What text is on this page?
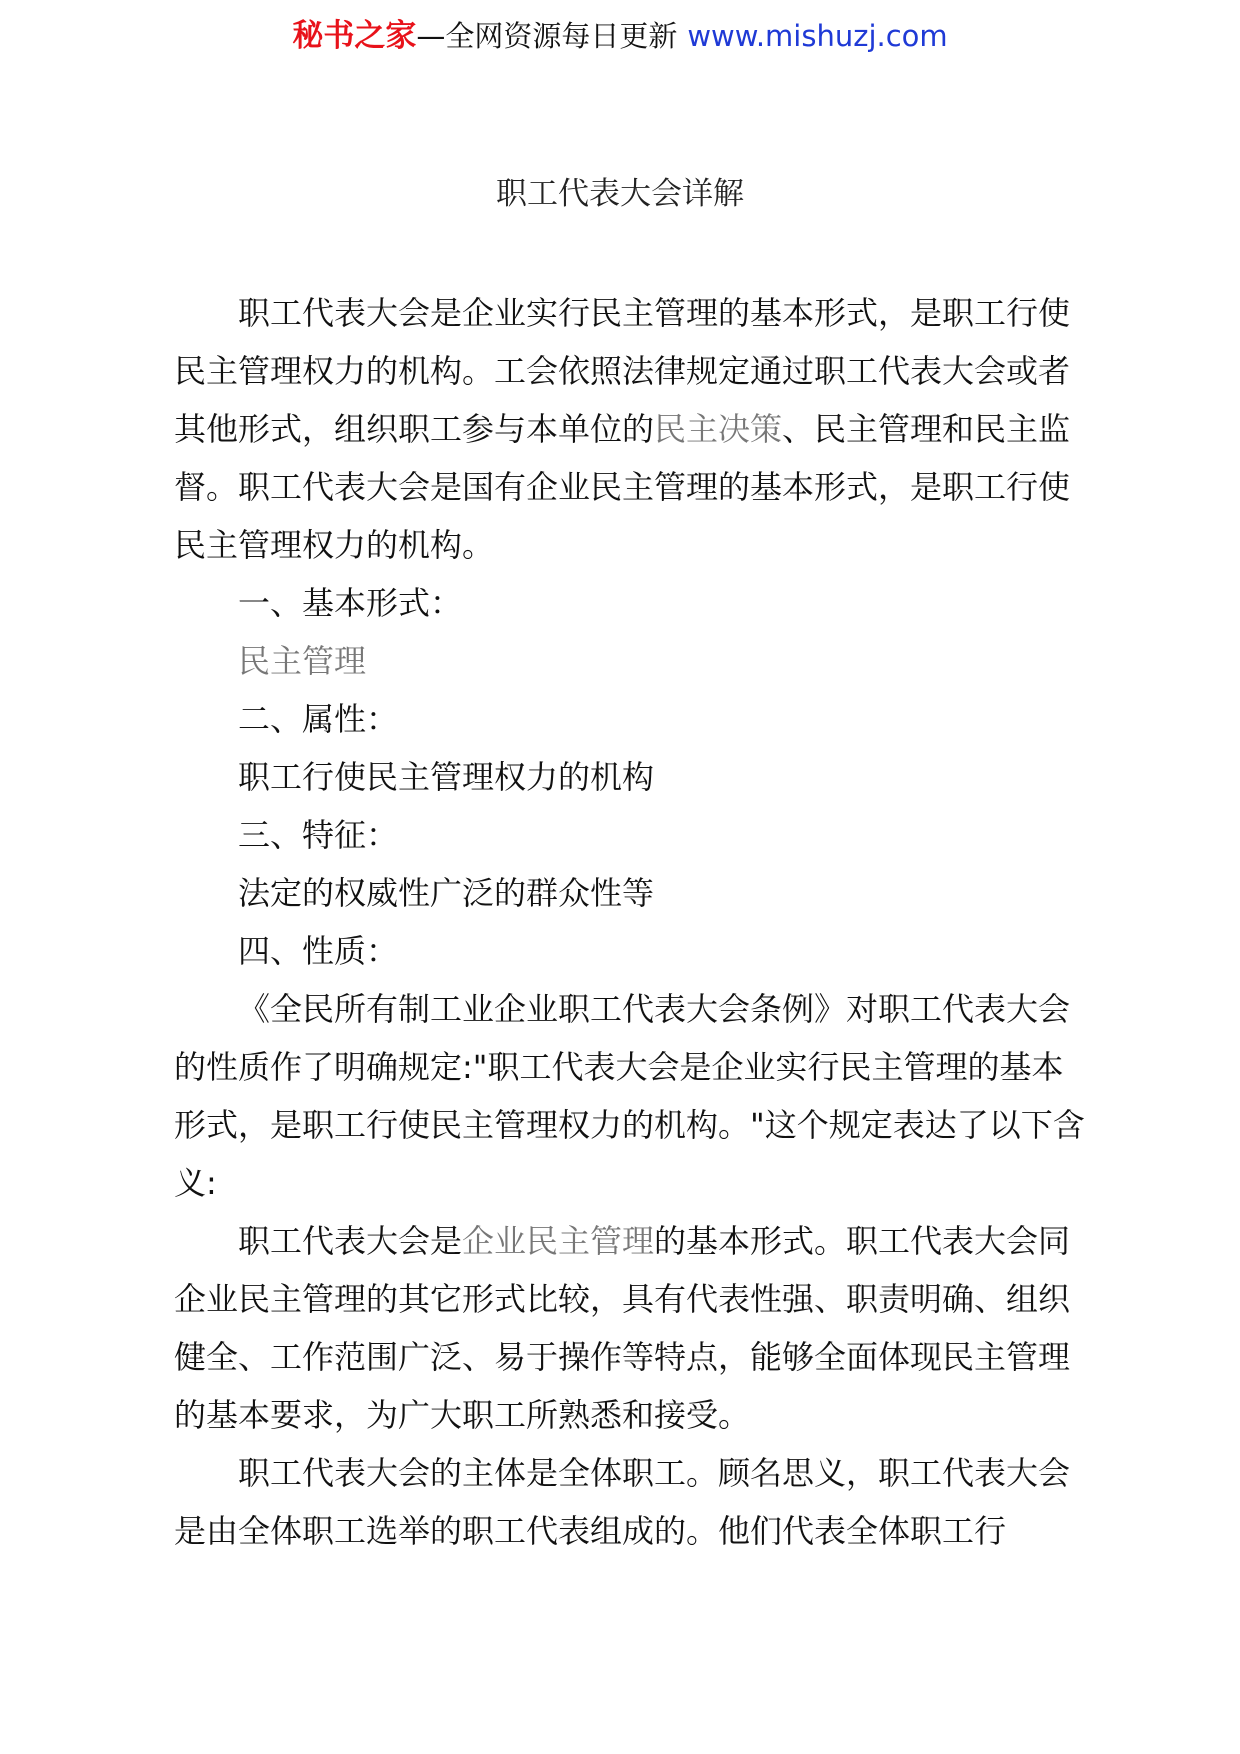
秘书之家—全网资源每日更新 www.mishuzj.com
职工代表大会详解

职工代表大会是企业实行民主管理的基本形式，是职工行使民主管理权力的机构。工会依照法律规定通过职工代表大会或者其他形式，组织职工参与本单位的民主决策、民主管理和民主监督。职工代表大会是国有企业民主管理的基本形式，是职工行使民主管理权力的机构。

一、基本形式：

民主管理

二、属性：

职工行使民主管理权力的机构

三、特征：

法定的权威性广泛的群众性等

四、性质：

《全民所有制工业企业职工代表大会条例》对职工代表大会的性质作了明确规定:"职工代表大会是企业实行民主管理的基本形式，是职工行使民主管理权力的机构。"这个规定表达了以下含义:

职工代表大会是企业民主管理的基本形式。职工代表大会同企业民主管理的其它形式比较，具有代表性强、职责明确、组织健全、工作范围广泛、易于操作等特点，能够全面体现民主管理的基本要求，为广大职工所熟悉和接受。

职工代表大会的主体是全体职工。顾名思义，职工代表大会是由全体职工选举的职工代表组成的。他们代表全体职工行
